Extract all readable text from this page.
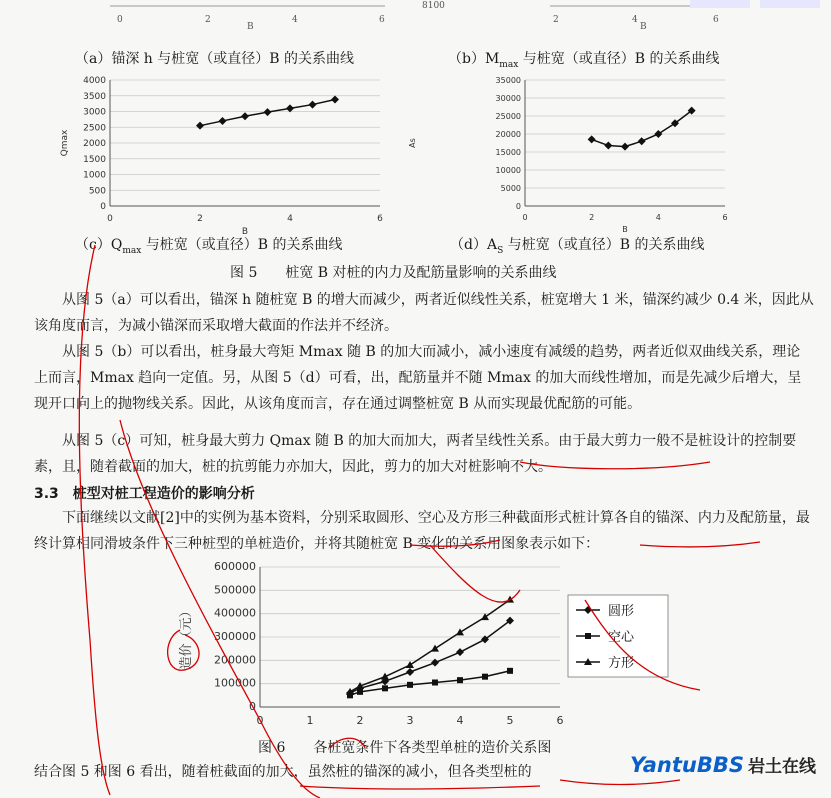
0	2	4	6
B
8100
2	4	6
B
（a）锚深 h 与桩宽（或直径）B 的关系曲线	$(b)M_{max}$ 与桩宽（或直径）B 的关系曲线
0
500
1000
1500
2000
2500
3000
3500
4000
0	2	4	6
B
Qmax
0
5000
10000
15000
20000
25000
30000
35000
0	2	4	6
B
As
$(c)Q_{max}$ 与桩宽（或直径）B 的关系曲线	$(d)A_S$ 与桩宽（或直径）B 的关系曲线
图 5　　桩宽 B 对桩的内力及配筋量影响的关系曲线

从图 5（a）可以看出，锚深 h 随桩宽 B 的增大而减少，两者近似线性关系，桩宽增大 1 米，锚深约减少 0.4 米，因此从该角度而言，为减小锚深而采取增大截面的作法并不经济。

从图 5（b）可以看出，桩身最大弯矩 Mmax 随 B 的加大而减小，减小速度有减缓的趋势，两者近似双曲线关系，理论上而言，Mmax 趋向一定值。另，从图 5（d）可看，出，配筋量并不随 Mmax 的加大而线性增加，而是先减少后增大，呈现开口向上的抛物线关系。因此，从该角度而言，存在通过调整桩宽 B 从而实现最优配筋的可能。

从图 5（c）可知，桩身最大剪力 Qmax 随 B 的加大而加大，两者呈线性关系。由于最大剪力一般不是桩设计的控制要素，且，随着截面的加大，桩的抗剪能力亦加大，因此，剪力的加大对桩影响不大。

3.3　桩型对桩工程造价的影响分析

下面继续以文献[2]中的实例为基本资料，分别采取圆形、空心及方形三种截面形式桩计算各自的锚深、内力及配筋量，最终计算相同滑坡条件下三种桩型的单桩造价，并将其随桩宽 B 变化的关系用图象表示如下：

0
100000
200000
300000
400000
500000
600000
0	1	2	3	4	5	6
造价（元）	圆形
空心
方形
图 6　　各桩宽条件下各类型单桩的造价关系图
结合图 5 和图 6 看出，随着桩截面的加大，虽然桩的锚深的减小，但各类型桩的	YantuBBS 岩土在线
